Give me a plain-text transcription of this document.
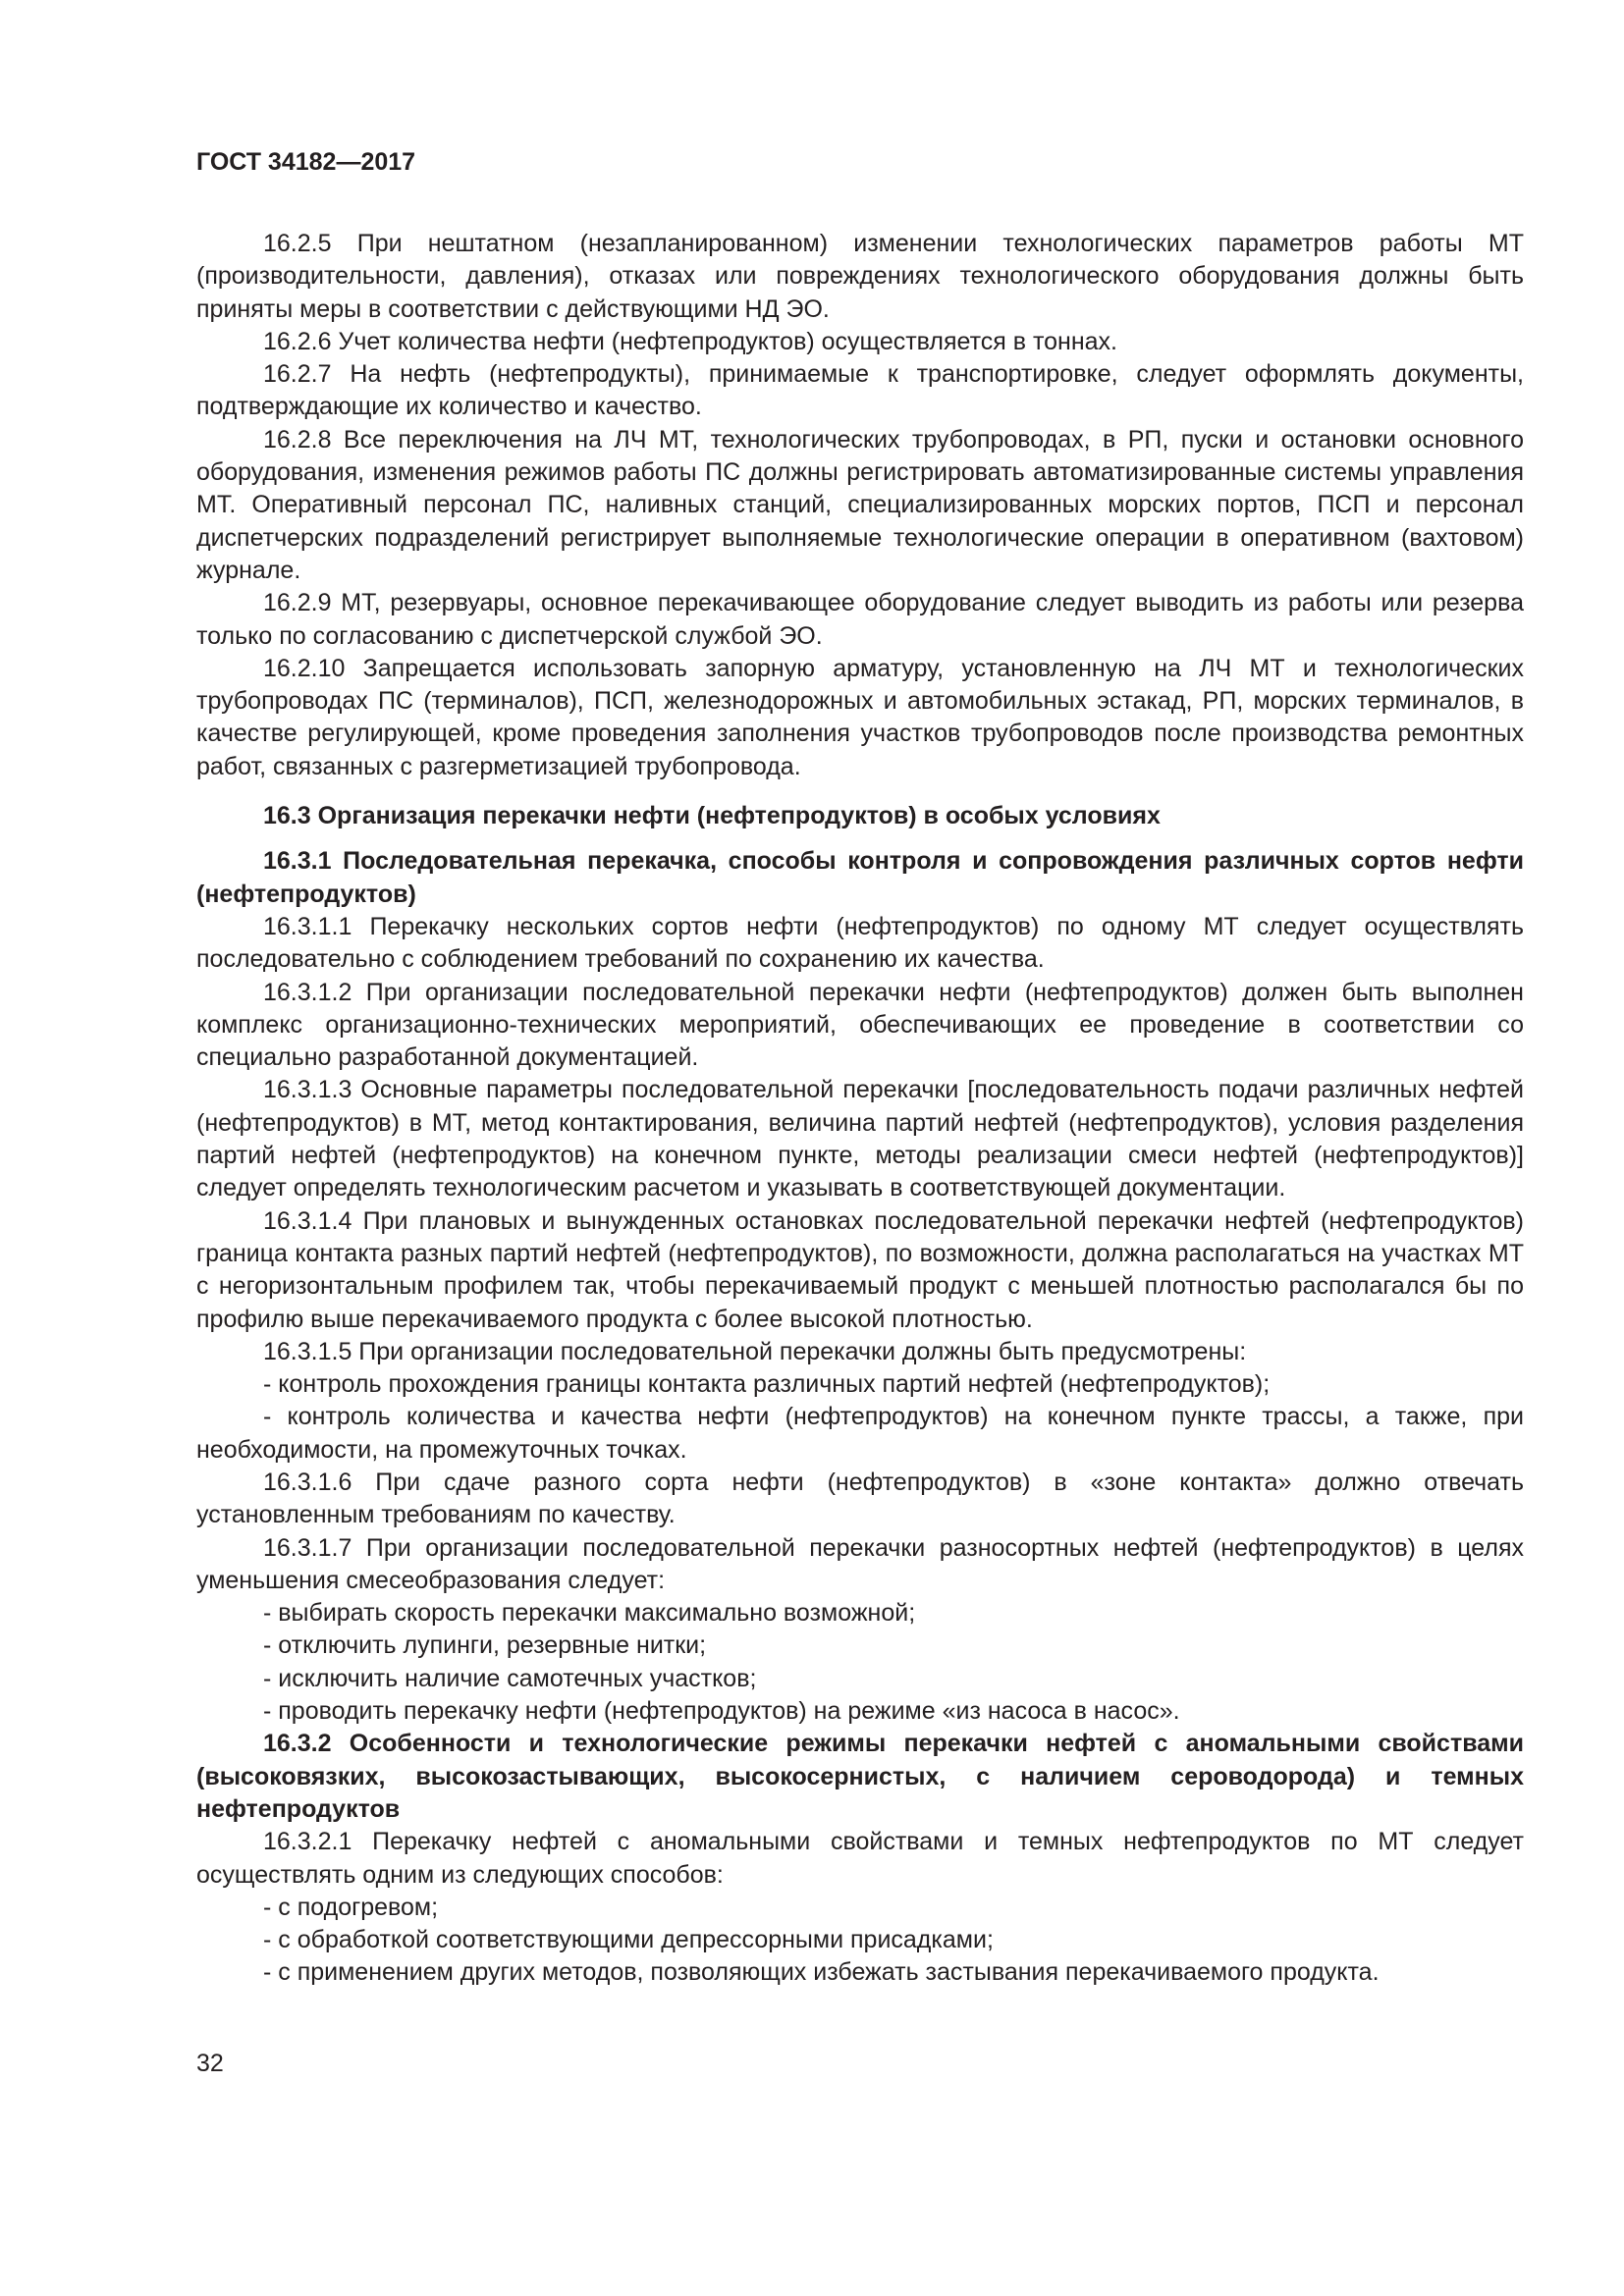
ГОСТ 34182—2017

16.2.5 При нештатном (незапланированном) изменении технологических параметров работы МТ (производительности, давления), отказах или повреждениях технологического оборудования должны быть приняты меры в соответствии с действующими НД ЭО.

16.2.6 Учет количества нефти (нефтепродуктов) осуществляется в тоннах.

16.2.7 На нефть (нефтепродукты), принимаемые к транспортировке, следует оформлять документы, подтверждающие их количество и качество.

16.2.8 Все переключения на ЛЧ МТ, технологических трубопроводах, в РП, пуски и остановки основного оборудования, изменения режимов работы ПС должны регистрировать автоматизированные системы управления МТ. Оперативный персонал ПС, наливных станций, специализированных морских портов, ПСП и персонал диспетчерских подразделений регистрирует выполняемые технологические операции в оперативном (вахтовом) журнале.

16.2.9 МТ, резервуары, основное перекачивающее оборудование следует выводить из работы или резерва только по согласованию с диспетчерской службой ЭО.

16.2.10 Запрещается использовать запорную арматуру, установленную на ЛЧ МТ и технологических трубопроводах ПС (терминалов), ПСП, железнодорожных и автомобильных эстакад, РП, морских терминалов, в качестве регулирующей, кроме проведения заполнения участков трубопроводов после производства ремонтных работ, связанных с разгерметизацией трубопровода.

16.3 Организация перекачки нефти (нефтепродуктов) в особых условиях

16.3.1 Последовательная перекачка, способы контроля и сопровождения различных сортов нефти (нефтепродуктов)

16.3.1.1 Перекачку нескольких сортов нефти (нефтепродуктов) по одному МТ следует осуществлять последовательно с соблюдением требований по сохранению их качества.

16.3.1.2 При организации последовательной перекачки нефти (нефтепродуктов) должен быть выполнен комплекс организационно-технических мероприятий, обеспечивающих ее проведение в соответствии со специально разработанной документацией.

16.3.1.3 Основные параметры последовательной перекачки [последовательность подачи различных нефтей (нефтепродуктов) в МТ, метод контактирования, величина партий нефтей (нефтепродуктов), условия разделения партий нефтей (нефтепродуктов) на конечном пункте, методы реализации смеси нефтей (нефтепродуктов)] следует определять технологическим расчетом и указывать в соответствующей документации.

16.3.1.4 При плановых и вынужденных остановках последовательной перекачки нефтей (нефтепродуктов) граница контакта разных партий нефтей (нефтепродуктов), по возможности, должна располагаться на участках МТ с негоризонтальным профилем так, чтобы перекачиваемый продукт с меньшей плотностью располагался бы по профилю выше перекачиваемого продукта с более высокой плотностью.

16.3.1.5 При организации последовательной перекачки должны быть предусмотрены:

- контроль прохождения границы контакта различных партий нефтей (нефтепродуктов);

- контроль количества и качества нефти (нефтепродуктов) на конечном пункте трассы, а также, при необходимости, на промежуточных точках.

16.3.1.6 При сдаче разного сорта нефти (нефтепродуктов) в «зоне контакта» должно отвечать установленным требованиям по качеству.

16.3.1.7 При организации последовательной перекачки разносортных нефтей (нефтепродуктов) в целях уменьшения смесеобразования следует:

- выбирать скорость перекачки максимально возможной;

- отключить лупинги, резервные нитки;

- исключить наличие самотечных участков;

- проводить перекачку нефти (нефтепродуктов) на режиме «из насоса в насос».

16.3.2 Особенности и технологические режимы перекачки нефтей с аномальными свойствами (высоковязких, высокозастывающих, высокосернистых, с наличием сероводорода) и темных нефтепродуктов

16.3.2.1 Перекачку нефтей с аномальными свойствами и темных нефтепродуктов по МТ следует осуществлять одним из следующих способов:

- с подогревом;

- с обработкой соответствующими депрессорными присадками;

- с применением других методов, позволяющих избежать застывания перекачиваемого продукта.

32
